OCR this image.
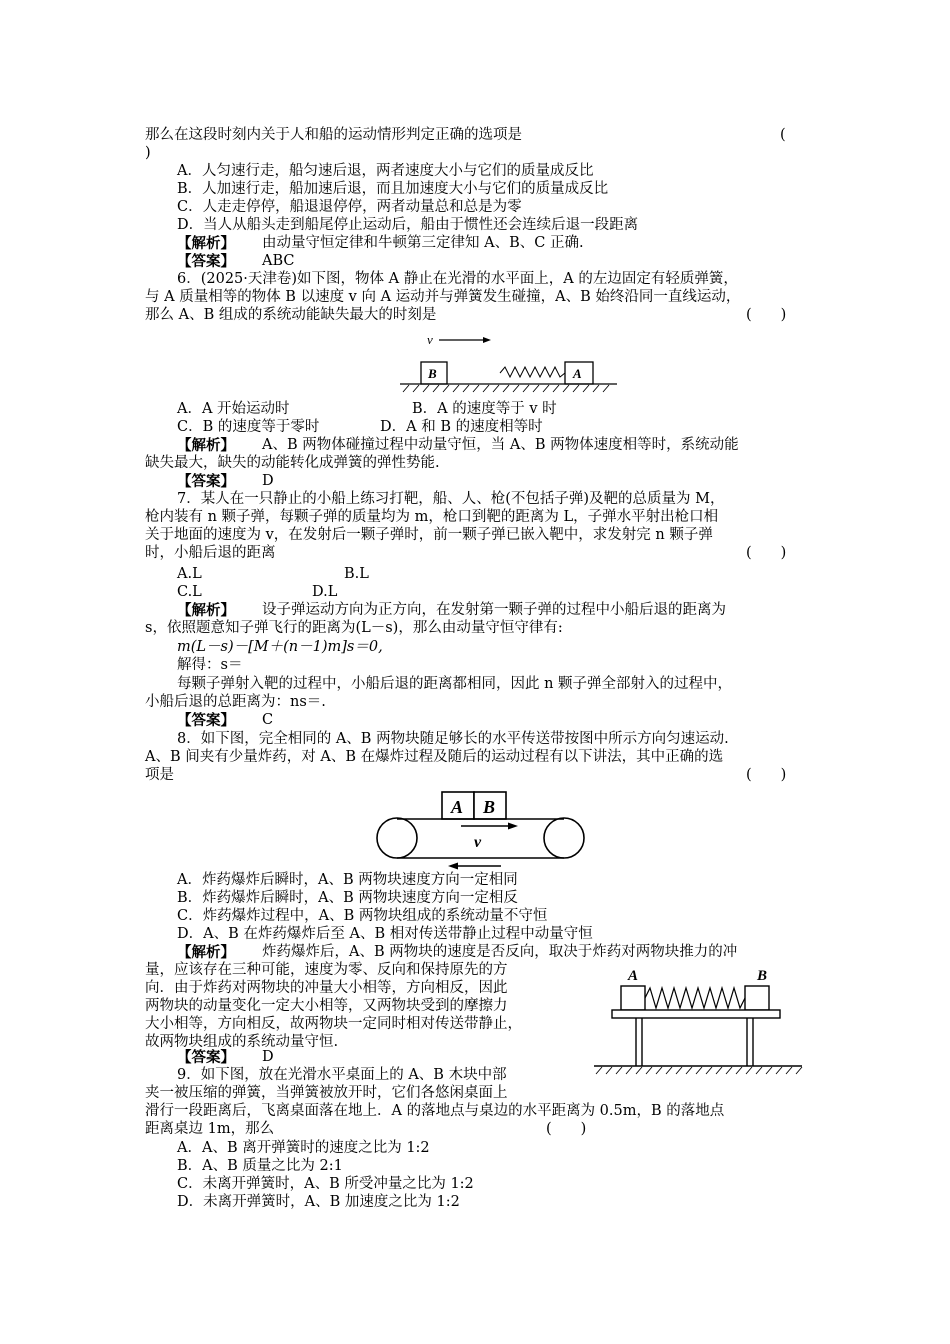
那么在这段时刻内关于人和船的运动情形判定正确的选项是	(
)
A．人匀速行走，船匀速后退，两者速度大小与它们的质量成反比
B．人加速行走，船加速后退，而且加速度大小与它们的质量成反比
C．人走走停停，船退退停停，两者动量总和总是为零
D．当人从船头走到船尾停止运动后，船由于惯性还会连续后退一段距离
【解析】 由动量守恒定律和牛顿第三定律知 A、B、C 正确.
【答案】 ABC
6．(2025·天津卷)如下图，物体 A 静止在光滑的水平面上，A 的左边固定有轻质弹簧，
与 A 质量相等的物体 B 以速度 v 向 A 运动并与弹簧发生碰撞，A、B 始终沿同一直线运动，
那么 A、B 组成的系统动能缺失最大的时刻是	(　　)
v
B	A
A．A 开始运动时	B．A 的速度等于 v 时
C．B 的速度等于零时	D．A 和 B 的速度相等时
【解析】 A、B 两物体碰撞过程中动量守恒，当 A、B 两物体速度相等时，系统动能
缺失最大，缺失的动能转化成弹簧的弹性势能.
【答案】 D
7．某人在一只静止的小船上练习打靶，船、人、枪(不包括子弹)及靶的总质量为 M，
枪内装有 n 颗子弹，每颗子弹的质量均为 m，枪口到靶的距离为 L，子弹水平射出枪口相
关于地面的速度为 v，在发射后一颗子弹时，前一颗子弹已嵌入靶中，求发射完 n 颗子弹
时，小船后退的距离	(　　)
A.L	B.L
C.L	D.L
【解析】 设子弹运动方向为正方向，在发射第一颗子弹的过程中小船后退的距离为
s，依照题意知子弹飞行的距离为(L－s)，那么由动量守恒守律有:
m(L－s)－[M＋(n－1)m]s＝0,
解得：s＝
每颗子弹射入靶的过程中，小船后退的距离都相同，因此 n 颗子弹全部射入的过程中，
小船后退的总距离为：ns＝.
【答案】 C
8．如下图，完全相同的 A、B 两物块随足够长的水平传送带按图中所示方向匀速运动.
A、B 间夹有少量炸药，对 A、B 在爆炸过程及随后的运动过程有以下讲法，其中正确的选
项是	(　　)
A B
v
A．炸药爆炸后瞬时，A、B 两物块速度方向一定相同
B．炸药爆炸后瞬时，A、B 两物块速度方向一定相反
C．炸药爆炸过程中，A、B 两物块组成的系统动量不守恒
D．A、B 在炸药爆炸后至 A、B 相对传送带静止过程中动量守恒
【解析】 炸药爆炸后，A、B 两物块的速度是否反向，取决于炸药对两物块推力的冲
量，应该存在三种可能，速度为零、反向和保持原先的方
向．由于炸药对两物块的冲量大小相等，方向相反，因此
两物块的动量变化一定大小相等，又两物块受到的摩擦力
大小相等，方向相反，故两物块一定同时相对传送带静止，
故两物块组成的系统动量守恒.
【答案】 D
A	B
9．如下图，放在光滑水平桌面上的 A、B 木块中部
夹一被压缩的弹簧，当弹簧被放开时，它们各悠闲桌面上
滑行一段距离后，飞离桌面落在地上．A 的落地点与桌边的水平距离为 0.5m，B 的落地点
距离桌边 1m，那么	(　　)
A．A、B 离开弹簧时的速度之比为 1:2
B．A、B 质量之比为 2:1
C．未离开弹簧时，A、B 所受冲量之比为 1:2
D．未离开弹簧时，A、B 加速度之比为 1:2
